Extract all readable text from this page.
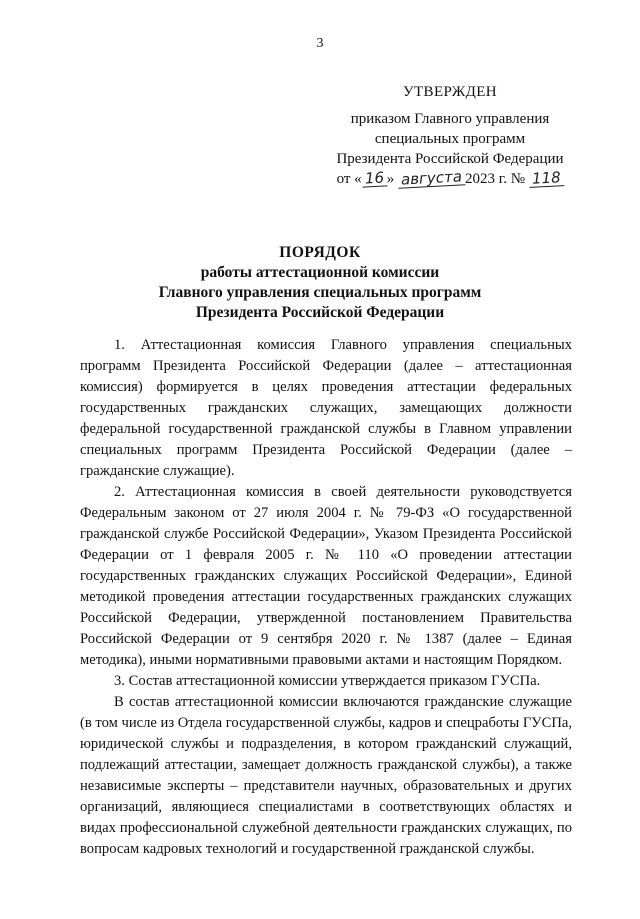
3
УТВЕРЖДЕН
приказом Главного управления
специальных программ
Президента Российской Федерации
от « 16 » августа 2023 г. № 118
ПОРЯДОК
работы аттестационной комиссии
Главного управления специальных программ
Президента Российской Федерации

1. Аттестационная комиссия Главного управления специальных программ Президента Российской Федерации (далее – аттестационная комиссия) формируется в целях проведения аттестации федеральных государственных гражданских служащих, замещающих должности федеральной государственной гражданской службы в Главном управлении специальных программ Президента Российской Федерации (далее – гражданские служащие).

2. Аттестационная комиссия в своей деятельности руководствуется Федеральным законом от 27 июля 2004 г. № 79-ФЗ «О государственной гражданской службе Российской Федерации», Указом Президента Российской Федерации от 1 февраля 2005 г. № 110 «О проведении аттестации государственных гражданских служащих Российской Федерации», Единой методикой проведения аттестации государственных гражданских служащих Российской Федерации, утвержденной постановлением Правительства Российской Федерации от 9 сентября 2020 г. № 1387 (далее – Единая методика), иными нормативными правовыми актами и настоящим Порядком.

3. Состав аттестационной комиссии утверждается приказом ГУСПа.

В состав аттестационной комиссии включаются гражданские служащие (в том числе из Отдела государственной службы, кадров и спецработы ГУСПа, юридической службы и подразделения, в котором гражданский служащий, подлежащий аттестации, замещает должность гражданской службы), а также независимые эксперты – представители научных, образовательных и других организаций, являющиеся специалистами в соответствующих областях и видах профессиональной служебной деятельности гражданских служащих, по вопросам кадровых технологий и государственной гражданской службы.
